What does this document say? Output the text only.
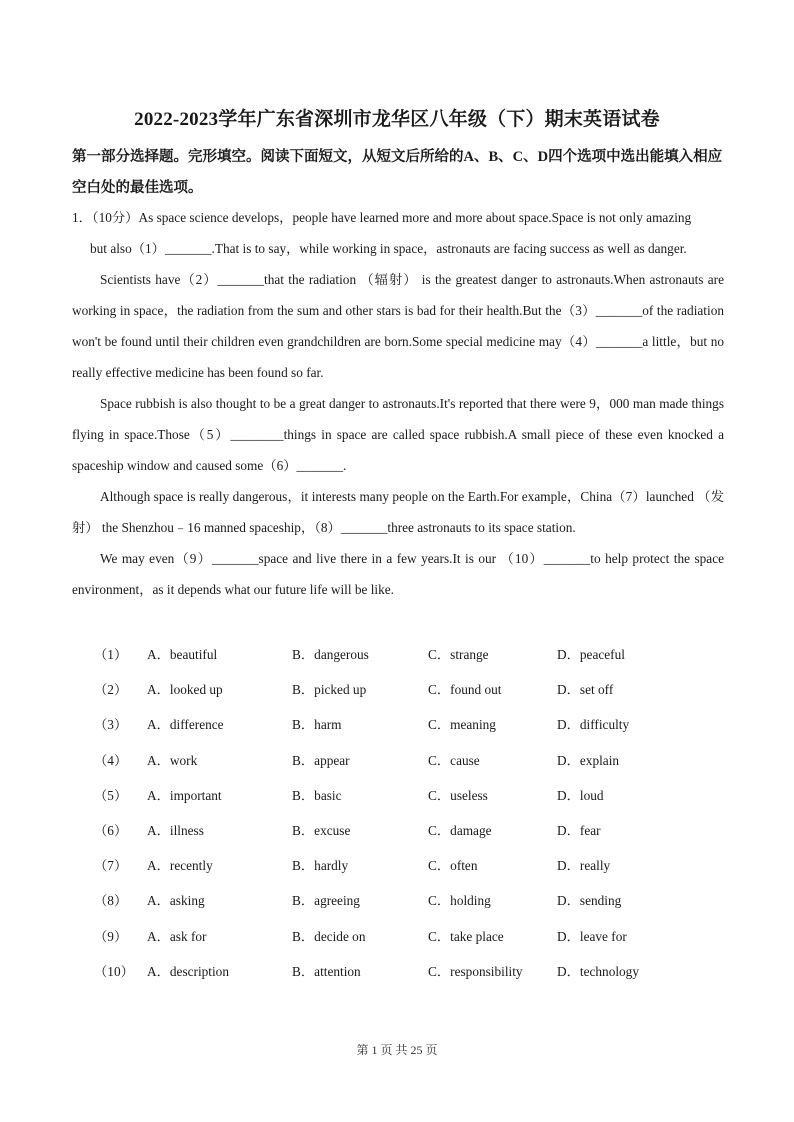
2022-2023学年广东省深圳市龙华区八年级（下）期末英语试卷
第一部分选择题。完形填空。阅读下面短文，从短文后所给的A、B、C、D四个选项中选出能填入相应空白处的最佳选项。

1．（10分）As space science develops，people have learned more and more about space.Space is not only amazing

but also（1）_______.That is to say，while working in space，astronauts are facing success as well as danger.

Scientists have（2）_______that the radiation （辐射） is the greatest danger to astronauts.When astronauts are working in space，the radiation from the sum and other stars is bad for their health.But the（3）_______of the radiation won't be found until their children even grandchildren are born.Some special medicine may（4）_______a little，but no really effective medicine has been found so far.

Space rubbish is also thought to be a great danger to astronauts.It's reported that there were 9，000 man made things flying in space.Those（5）________things in space are called space rubbish.A small piece of these even knocked a spaceship window and caused some（6）_______.

Although space is really dangerous，it interests many people on the Earth.For example，China（7）launched （发射） the Shenzhou﹣16 manned spaceship，（8）_______three astronauts to its space station.

We may even（9）_______space and live there in a few years.It is our （10）_______to help protect the space environment，as it depends what our future life will be like.

（1） A．beautiful	B．dangerous	C．strange	D．peaceful
（2） A．looked up	B．picked up	C．found out	D．set off
（3） A．difference	B．harm	C．meaning	D．difficulty
（4） A．work	B．appear	C．cause	D．explain
（5） A．important	B．basic	C．useless	D．loud
（6） A．illness	B．excuse	C．damage	D．fear
（7） A．recently	B．hardly	C．often	D．really
（8） A．asking	B．agreeing	C．holding	D．sending
（9） A．ask for	B．decide on	C．take place	D．leave for
（10） A．description	B．attention	C．responsibility	D．technology
第 1 页 共 25 页
